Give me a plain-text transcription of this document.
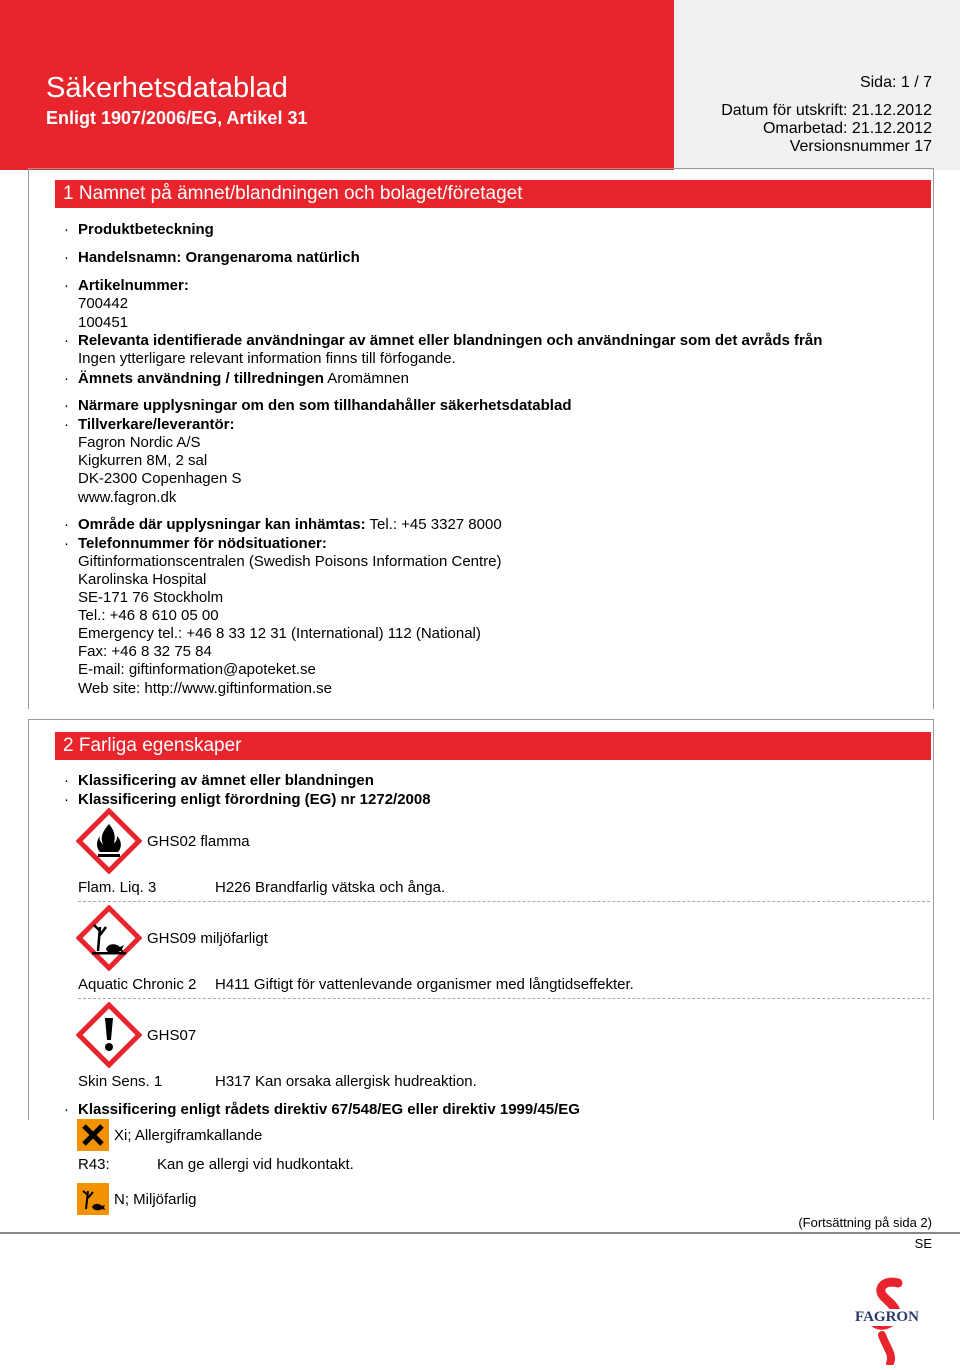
Säkerhetsdatablad
Enligt 1907/2006/EG, Artikel 31
Sida: 1 / 7
Datum för utskrift: 21.12.2012
Omarbetad: 21.12.2012
Versionsnummer 17
1 Namnet på ämnet/blandningen och bolaget/företaget
· Produktbeteckning
· Handelsnamn: Orangenaroma natürlich
· Artikelnummer:
700442
100451
· Relevanta identifierade användningar av ämnet eller blandningen och användningar som det avråds från
Ingen ytterligare relevant information finns till förfogande.
· Ämnets användning / tillredningen Aromämnen
· Närmare upplysningar om den som tillhandahåller säkerhetsdatablad
· Tillverkare/leverantör:
Fagron Nordic A/S
Kigkurren 8M, 2 sal
DK-2300 Copenhagen S
www.fagron.dk
· Område där upplysningar kan inhämtas: Tel.: +45 3327 8000
· Telefonnummer för nödsituationer:
Giftinformationscentralen (Swedish Poisons Information Centre)
Karolinska Hospital
SE-171 76 Stockholm
Tel.: +46 8 610 05 00
Emergency tel.: +46 8 33 12 31 (International) 112 (National)
Fax: +46 8 32 75 84
E-mail: giftinformation@apoteket.se
Web site: http://www.giftinformation.se
2 Farliga egenskaper
· Klassificering av ämnet eller blandningen
· Klassificering enligt förordning (EG) nr 1272/2008
GHS02 flamma
Flam. Liq. 3	H226 Brandfarlig vätska och ånga.
GHS09 miljöfarligt
Aquatic Chronic 2 H411 Giftigt för vattenlevande organismer med långtidseffekter.
GHS07
Skin Sens. 1	H317 Kan orsaka allergisk hudreaktion.
· Klassificering enligt rådets direktiv 67/548/EG eller direktiv 1999/45/EG
Xi; Allergiframkallande
R43:	Kan ge allergi vid hudkontakt.
N; Miljöfarlig
(Fortsättning på sida 2)
SE
FAGRON
